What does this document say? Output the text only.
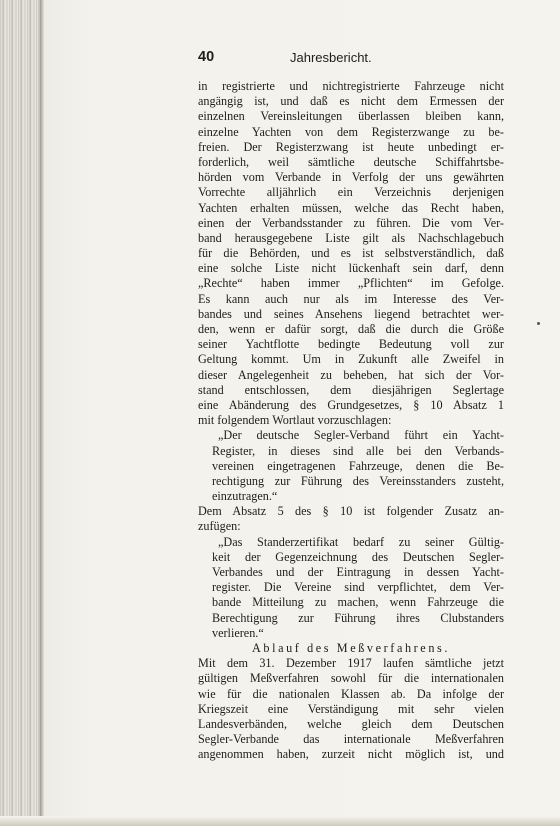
40	Jahresbericht.
in registrierte und nichtregistrierte Fahrzeuge nicht
angängig ist, und daß es nicht dem Ermessen der
einzelnen Vereinsleitungen überlassen bleiben kann,
einzelne Yachten von dem Registerzwange zu be-
freien. Der Registerzwang ist heute unbedingt er-
forderlich, weil sämtliche deutsche Schiffahrtsbe-
hörden vom Verbande in Verfolg der uns gewährten
Vorrechte alljährlich ein Verzeichnis derjenigen
Yachten erhalten müssen, welche das Recht haben,
einen der Verbandsstander zu führen. Die vom Ver-
band herausgegebene Liste gilt als Nachschlagebuch
für die Behörden, und es ist selbstverständlich, daß
eine solche Liste nicht lückenhaft sein darf, denn
„Rechte“ haben immer „Pflichten“ im Gefolge.
Es kann auch nur als im Interesse des Ver-
bandes und seines Ansehens liegend betrachtet wer-
den, wenn er dafür sorgt, daß die durch die Größe
seiner Yachtflotte bedingte Bedeutung voll zur
Geltung kommt. Um in Zukunft alle Zweifel in
dieser Angelegenheit zu beheben, hat sich der Vor-
stand entschlossen, dem diesjährigen Seglertage
eine Abänderung des Grundgesetzes, § 10 Absatz 1
mit folgendem Wortlaut vorzuschlagen:
„Der deutsche Segler-Verband führt ein Yacht-
Register, in dieses sind alle bei den Verbands-
vereinen eingetragenen Fahrzeuge, denen die Be-
rechtigung zur Führung des Vereinsstanders zusteht,
einzutragen.“
Dem Absatz 5 des § 10 ist folgender Zusatz an-
zufügen:
„Das Standerzertifikat bedarf zu seiner Gültig-
keit der Gegenzeichnung des Deutschen Segler-
Verbandes und der Eintragung in dessen Yacht-
register. Die Vereine sind verpflichtet, dem Ver-
bande Mitteilung zu machen, wenn Fahrzeuge die
Berechtigung zur Führung ihres Clubstanders
verlieren.“
Ablauf des Meßverfahrens.
Mit dem 31. Dezember 1917 laufen sämtliche jetzt
gültigen Meßverfahren sowohl für die internationalen
wie für die nationalen Klassen ab. Da infolge der
Kriegszeit eine Verständigung mit sehr vielen
Landesverbänden, welche gleich dem Deutschen
Segler-Verbande das internationale Meßverfahren
angenommen haben, zurzeit nicht möglich ist, und
